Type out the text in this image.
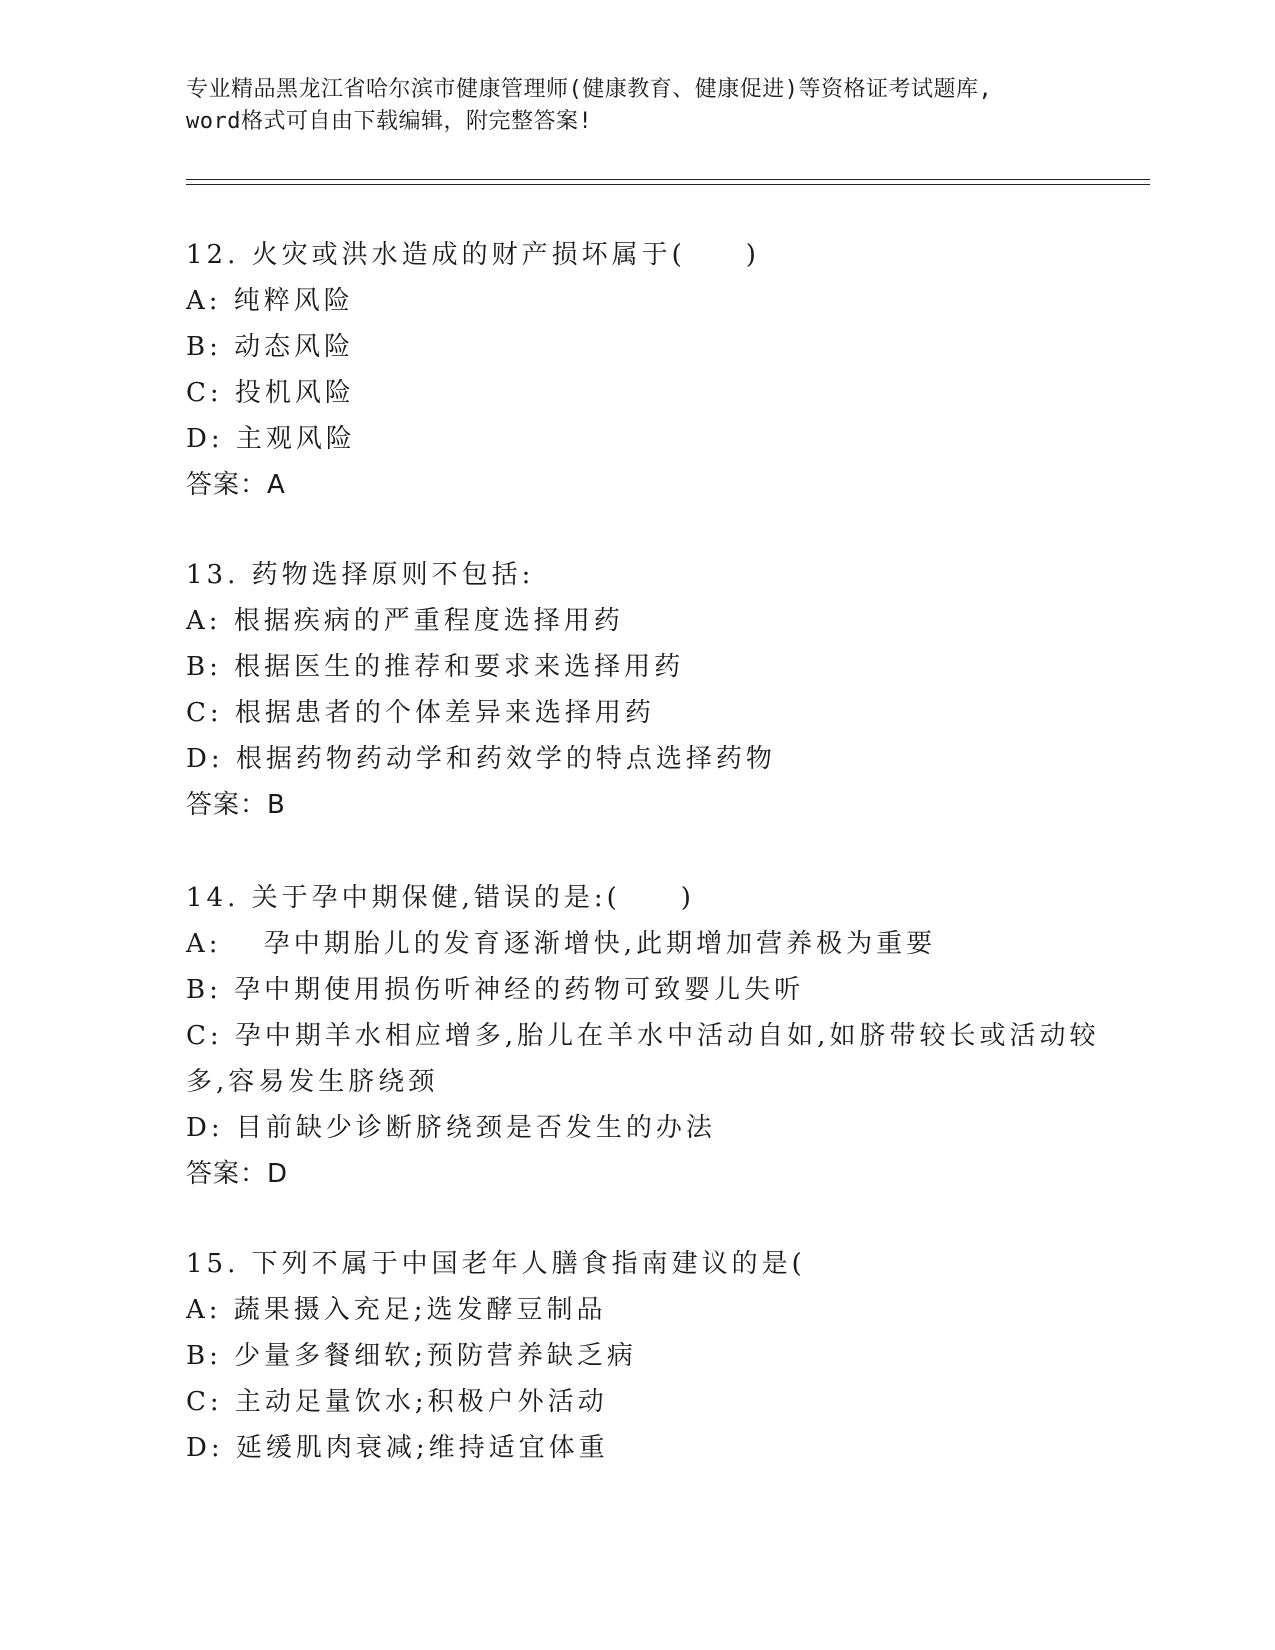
专业精品黑龙江省哈尔滨市健康管理师(健康教育、健康促进)等资格证考试题库,
word格式可自由下载编辑，附完整答案!
12. 火灾或洪水造成的财产损坏属于(　　)
A: 纯粹风险
B: 动态风险
C: 投机风险
D: 主观风险
答案：A
13. 药物选择原则不包括:
A: 根据疾病的严重程度选择用药
B: 根据医生的推荐和要求来选择用药
C: 根据患者的个体差异来选择用药
D: 根据药物药动学和药效学的特点选择药物
答案：B
14. 关于孕中期保健,错误的是:(　　)
A: 　孕中期胎儿的发育逐渐增快,此期增加营养极为重要
B: 孕中期使用损伤听神经的药物可致婴儿失听
C: 孕中期羊水相应增多,胎儿在羊水中活动自如,如脐带较长或活动较
多,容易发生脐绕颈
D: 目前缺少诊断脐绕颈是否发生的办法
答案：D
15. 下列不属于中国老年人膳食指南建议的是(
A: 蔬果摄入充足;选发酵豆制品
B: 少量多餐细软;预防营养缺乏病
C: 主动足量饮水;积极户外活动
D: 延缓肌肉衰减;维持适宜体重
